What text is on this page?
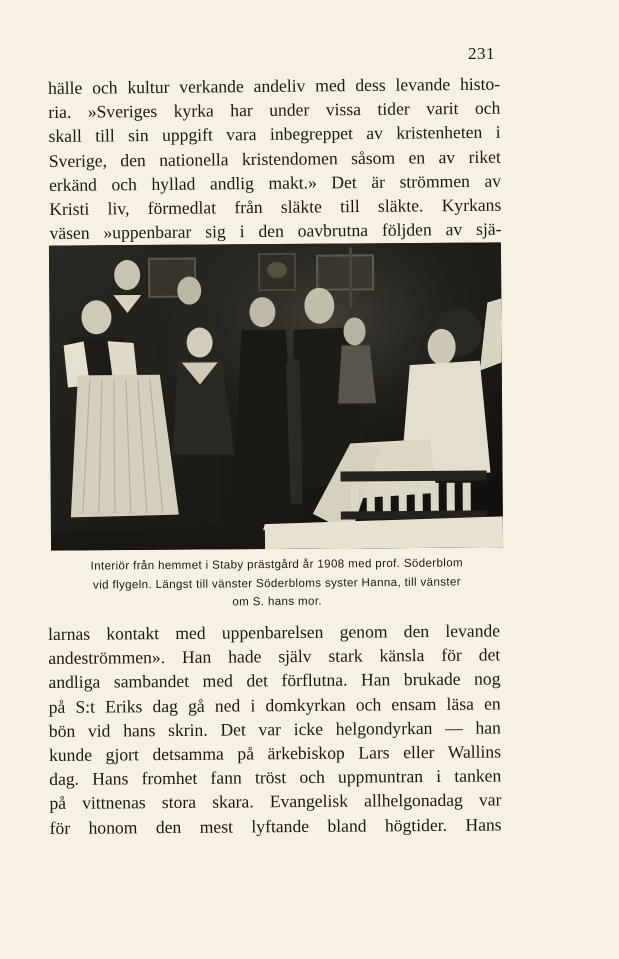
231
hälle och kultur verkande andeliv med dess levande histo-
ria. »Sveriges kyrka har under vissa tider varit och
skall till sin uppgift vara inbegreppet av kristenheten i
Sverige, den nationella kristendomen såsom en av riket
erkänd och hyllad andlig makt.» Det är strömmen av
Kristi liv, förmedlat från släkte till släkte. Kyrkans
väsen »uppenbarar sig i den oavbrutna följden av sjä-
Interiör från hemmet i Staby prästgård år 1908 med prof. Söderblom
vid flygeln. Längst till vänster Söderbloms syster Hanna, till vänster
om S. hans mor.
larnas kontakt med uppenbarelsen genom den levande
andeströmmen». Han hade själv stark känsla för det
andliga sambandet med det förflutna. Han brukade nog
på S:t Eriks dag gå ned i domkyrkan och ensam läsa en
bön vid hans skrin. Det var icke helgondyrkan — han
kunde gjort detsamma på ärkebiskop Lars eller Wallins
dag. Hans fromhet fann tröst och uppmuntran i tanken
på vittnenas stora skara. Evangelisk allhelgonadag var
för honom den mest lyftande bland högtider. Hans
